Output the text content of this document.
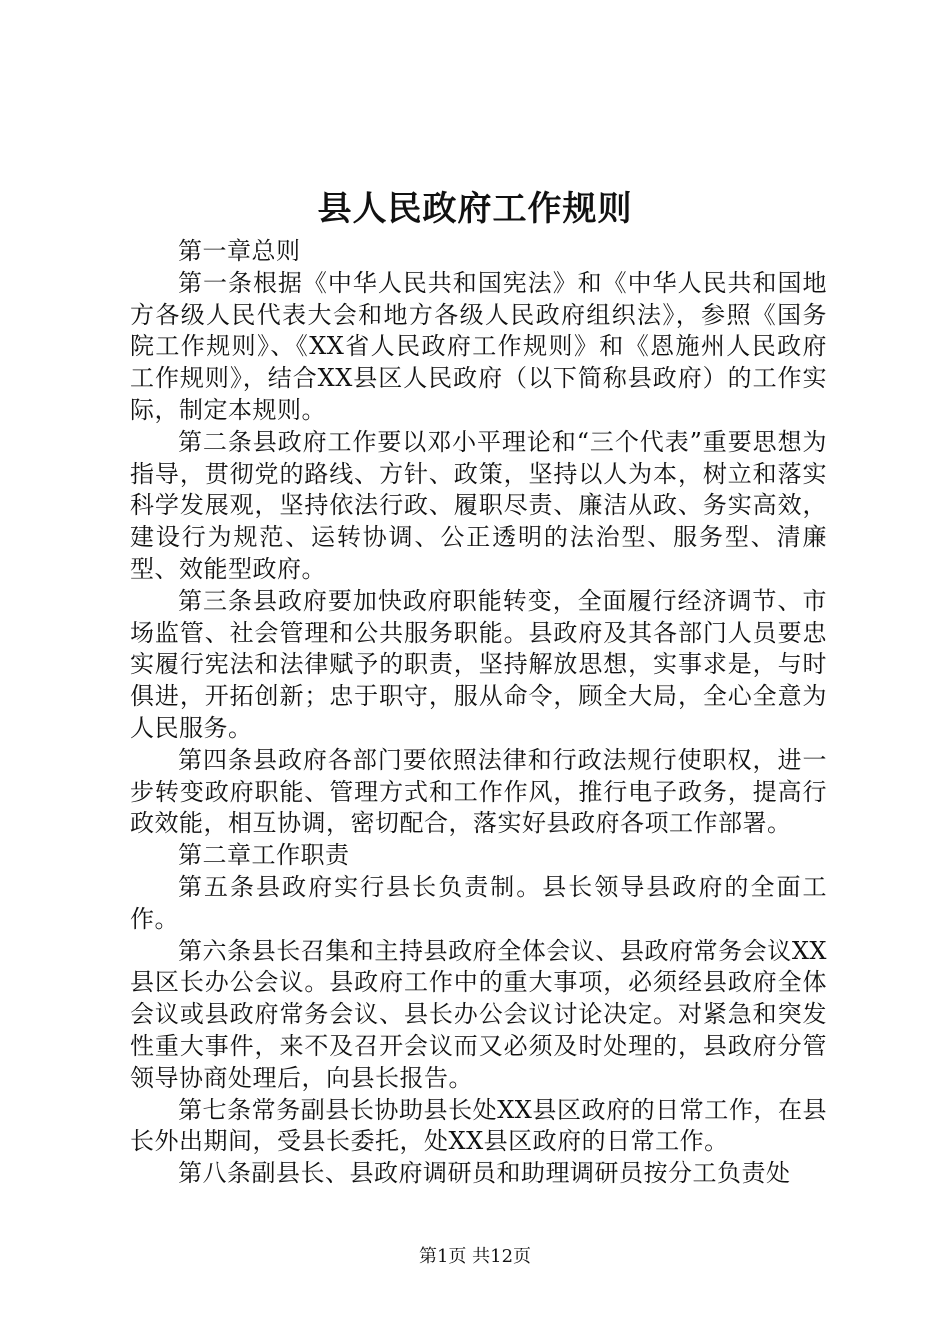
县人民政府工作规则

第一章总则

第一条根据《中华人民共和国宪法》和《中华人民共和国地方各级人民代表大会和地方各级人民政府组织法》，参照《国务院工作规则》、《XX省人民政府工作规则》和《恩施州人民政府工作规则》，结合XX县区人民政府（以下简称县政府）的工作实际，制定本规则。

第二条县政府工作要以邓小平理论和“三个代表”重要思想为指导，贯彻党的路线、方针、政策，坚持以人为本，树立和落实科学发展观，坚持依法行政、履职尽责、廉洁从政、务实高效，建设行为规范、运转协调、公正透明的法治型、服务型、清廉型、效能型政府。

第三条县政府要加快政府职能转变，全面履行经济调节、市场监管、社会管理和公共服务职能。县政府及其各部门人员要忠实履行宪法和法律赋予的职责，坚持解放思想，实事求是，与时俱进，开拓创新；忠于职守，服从命令，顾全大局，全心全意为人民服务。

第四条县政府各部门要依照法律和行政法规行使职权，进一步转变政府职能、管理方式和工作作风，推行电子政务，提高行政效能，相互协调，密切配合，落实好县政府各项工作部署。

第二章工作职责

第五条县政府实行县长负责制。县长领导县政府的全面工作。

第六条县长召集和主持县政府全体会议、县政府常务会议XX县区长办公会议。县政府工作中的重大事项，必须经县政府全体会议或县政府常务会议、县长办公会议讨论决定。对紧急和突发性重大事件，来不及召开会议而又必须及时处理的，县政府分管领导协商处理后，向县长报告。

第七条常务副县长协助县长处XX县区政府的日常工作，在县长外出期间，受县长委托，处XX县区政府的日常工作。

第八条副县长、县政府调研员和助理调研员按分工负责处

第1页 共12页
